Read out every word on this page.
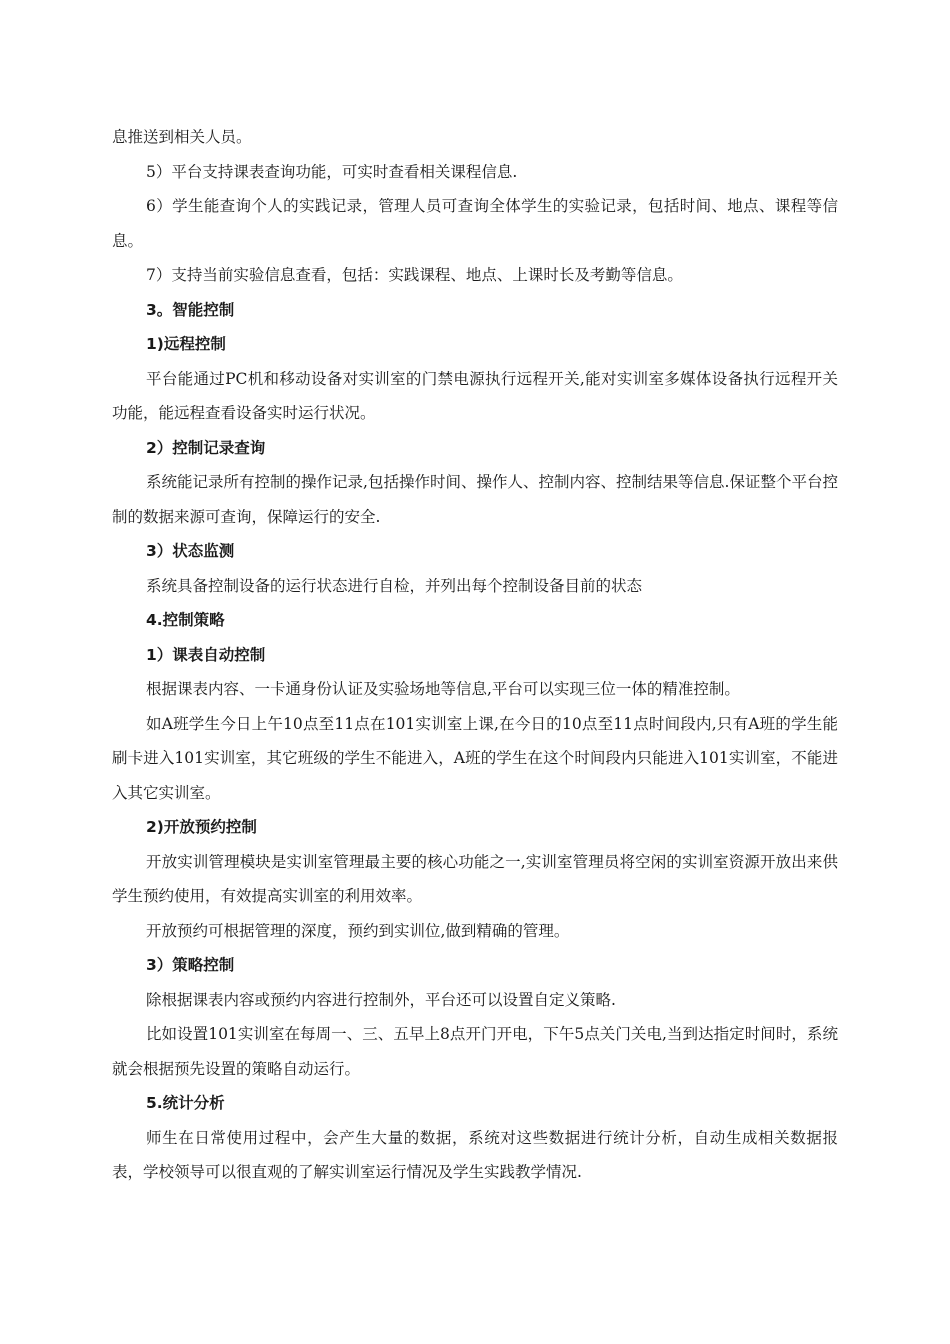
息推送到相关人员。

5）平台支持课表查询功能，可实时查看相关课程信息.

6）学生能查询个人的实践记录，管理人员可查询全体学生的实验记录，包括时间、地点、课程等信息。

7）支持当前实验信息查看，包括：实践课程、地点、上课时长及考勤等信息。

3。智能控制

1)远程控制

平台能通过PC机和移动设备对实训室的门禁电源执行远程开关,能对实训室多媒体设备执行远程开关功能，能远程查看设备实时运行状况。

2）控制记录查询

系统能记录所有控制的操作记录,包括操作时间、操作人、控制内容、控制结果等信息.保证整个平台控制的数据来源可查询，保障运行的安全.

3）状态监测

系统具备控制设备的运行状态进行自检，并列出每个控制设备目前的状态

4.控制策略

1）课表自动控制

根据课表内容、一卡通身份认证及实验场地等信息,平台可以实现三位一体的精准控制。

如A班学生今日上午10点至11点在101实训室上课,在今日的10点至11点时间段内,只有A班的学生能刷卡进入101实训室，其它班级的学生不能进入，A班的学生在这个时间段内只能进入101实训室，不能进入其它实训室。

2)开放预约控制

开放实训管理模块是实训室管理最主要的核心功能之一,实训室管理员将空闲的实训室资源开放出来供学生预约使用，有效提高实训室的利用效率。

开放预约可根据管理的深度，预约到实训位,做到精确的管理。

3）策略控制

除根据课表内容或预约内容进行控制外，平台还可以设置自定义策略.

比如设置101实训室在每周一、三、五早上8点开门开电，下午5点关门关电,当到达指定时间时，系统就会根据预先设置的策略自动运行。

5.统计分析

师生在日常使用过程中，会产生大量的数据，系统对这些数据进行统计分析，自动生成相关数据报表，学校领导可以很直观的了解实训室运行情况及学生实践教学情况.
